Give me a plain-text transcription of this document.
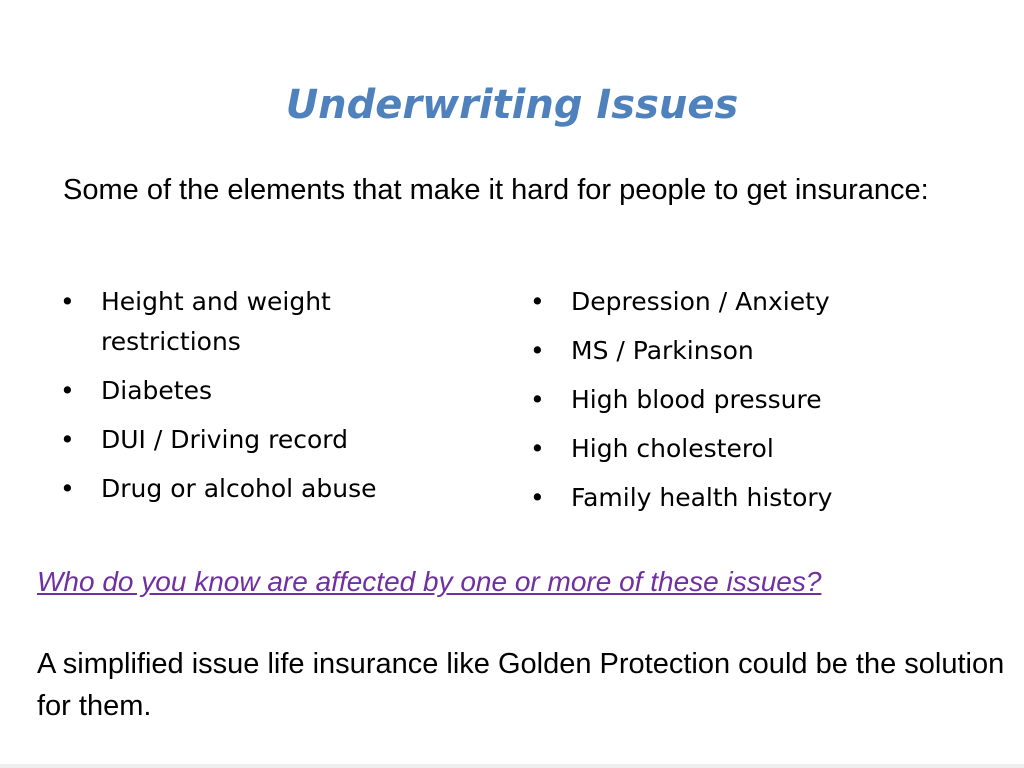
Underwriting Issues
Some of the elements that make it hard for people to get insurance:
• Height and weight restrictions
• Diabetes
• DUI / Driving record
• Drug or alcohol abuse
• Depression / Anxiety
• MS / Parkinson
• High blood pressure
• High cholesterol
• Family health history
Who do you know are affected by one or more of these issues?
A simplified issue life insurance like Golden Protection could be the solution for them.
